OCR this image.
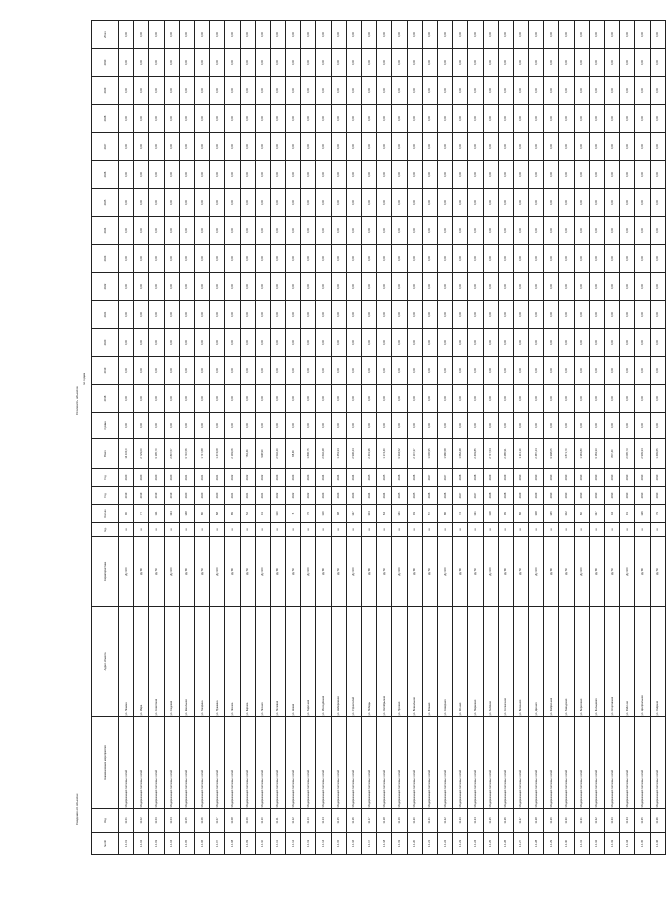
Сведения об объектах
Стоимость объектов
по годам
№ п/п	Код	Наименование мероприятия	Адрес объекта	Характеристика	Ед.	Кол-во	Год	Год	Всего	Сумма	2018	2019	2020	2021	2022	2023	2024	2025	2026	2027	2028	2029	2030	Итого
1.1.01	11.01	Модернизация тепловых сетей	ул. Ленина	Ду 100	м	90	2019	2020	14 100,0	0,00	0,00	0,00	0,00	0,00	0,00	0,00	0,00	0,00	0,00	0,00	0,00	0,00	0,00	0,00
1.1.02	11.02	Модернизация тепловых сетей	ул. Мира	Ду 80	м	77	2019	2020	2 723,00	0,00	0,00	0,00	0,00	0,00	0,00	0,00	0,00	0,00	0,00	0,00	0,00	0,00	0,00	0,00
1.1.03	11.03	Модернизация тепловых сетей	ул. Советская	Ду 50	м	111	2019	2020	3 195,70	0,00	0,00	0,00	0,00	0,00	0,00	0,00	0,00	0,00	0,00	0,00	0,00	0,00	0,00	0,00
1.1.04	11.04	Модернизация тепловых сетей	ул. Садовая	Ду 100	м	134	2019	2020	2 847,57	0,00	0,00	0,00	0,00	0,00	0,00	0,00	0,00	0,00	0,00	0,00	0,00	0,00	0,00	0,00
1.1.05	11.05	Модернизация тепловых сетей	ул. Школьная	Ду 80	м	148	2020	2021	3 710,56	0,00	0,00	0,00	0,00	0,00	0,00	0,00	0,00	0,00	0,00	0,00	0,00	0,00	0,00	0,00
1.1.06	11.06	Модернизация тепловых сетей	ул. Гагарина	Ду 50	м	80	2020	2021	1 717,68	0,00	0,00	0,00	0,00	0,00	0,00	0,00	0,00	0,00	0,00	0,00	0,00	0,00	0,00	0,00
1.1.07	11.07	Модернизация тепловых сетей	ул. Пушкина	Ду 100	м	68	2020	2021	1 474,08	0,00	0,00	0,00	0,00	0,00	0,00	0,00	0,00	0,00	0,00	0,00	0,00	0,00	0,00	0,00
1.1.08	11.08	Модернизация тепловых сетей	ул. Чехова	Ду 80	м	89	2021	2022	2 193,06	0,00	0,00	0,00	0,00	0,00	0,00	0,00	0,00	0,00	0,00	0,00	0,00	0,00	0,00	0,00
1.1.09	11.09	Модернизация тепловых сетей	ул. Кирова	Ду 50	м	52	2021	2022	764,44	0,00	0,00	0,00	0,00	0,00	0,00	0,00	0,00	0,00	0,00	0,00	0,00	0,00	0,00	0,00
1.1.10	11.10	Модернизация тепловых сетей	ул. Лесная	Ду 100	м	41	2021	2022	938,90	0,00	0,00	0,00	0,00	0,00	0,00	0,00	0,00	0,00	0,00	0,00	0,00	0,00	0,00	0,00
1.1.11	11.11	Модернизация тепловых сетей	ул. Полевая	Ду 80	м	110	2022	2023	2 532,20	0,00	0,00	0,00	0,00	0,00	0,00	0,00	0,00	0,00	0,00	0,00	0,00	0,00	0,00	0,00
1.1.12	11.12	Модернизация тепловых сетей	ул. Новая	Ду 50	м	5	2022	2023	68,90	0,00	0,00	0,00	0,00	0,00	0,00	0,00	0,00	0,00	0,00	0,00	0,00	0,00	0,00	0,00
1.1.13	11.13	Модернизация тепловых сетей	ул. Заречная	Ду 100	м	75	2022	2023	1 806,75	0,00	0,00	0,00	0,00	0,00	0,00	0,00	0,00	0,00	0,00	0,00	0,00	0,00	0,00	0,00
1.1.14	11.14	Модернизация тепловых сетей	ул. Молодёжная	Ду 80	м	119	2023	2024	2 632,28	0,00	0,00	0,00	0,00	0,00	0,00	0,00	0,00	0,00	0,00	0,00	0,00	0,00	0,00	0,00
1.1.15	11.15	Модернизация тепловых сетей	ул. Набережная	Ду 50	м	98	2023	2024	1 453,34	0,00	0,00	0,00	0,00	0,00	0,00	0,00	0,00	0,00	0,00	0,00	0,00	0,00	0,00	0,00
1.1.16	11.16	Модернизация тепловых сетей	ул. Строителей	Ду 100	м	127	2023	2024	2 936,24	0,00	0,00	0,00	0,00	0,00	0,00	0,00	0,00	0,00	0,00	0,00	0,00	0,00	0,00	0,00
1.1.17	11.17	Модернизация тепловых сетей	ул. Победы	Ду 80	м	104	2024	2025	2 401,36	0,00	0,00	0,00	0,00	0,00	0,00	0,00	0,00	0,00	0,00	0,00	0,00	0,00	0,00	0,00
1.1.18	11.18	Модернизация тепловых сетей	ул. Октябрьская	Ду 50	м	64	2024	2025	1 174,40	0,00	0,00	0,00	0,00	0,00	0,00	0,00	0,00	0,00	0,00	0,00	0,00	0,00	0,00	0,00
1.1.19	11.19	Модернизация тепловых сетей	ул. Луговая	Ду 100	м	141	2025	2026	3 344,52	0,00	0,00	0,00	0,00	0,00	0,00	0,00	0,00	0,00	0,00	0,00	0,00	0,00	0,00	0,00
1.1.20	11.20	Модернизация тепловых сетей	ул. Вокзальная	Ду 80	м	93	2025	2026	2 147,37	0,00	0,00	0,00	0,00	0,00	0,00	0,00	0,00	0,00	0,00	0,00	0,00	0,00	0,00	0,00
1.1.21	11.21	Модернизация тепловых сетей	ул. Южная	Ду 50	м	57	2026	2027	1 045,95	0,00	0,00	0,00	0,00	0,00	0,00	0,00	0,00	0,00	0,00	0,00	0,00	0,00	0,00	0,00
1.1.22	11.22	Модернизация тепловых сетей	ул. Северная	Ду 100	м	86	2026	2027	1 980,58	0,00	0,00	0,00	0,00	0,00	0,00	0,00	0,00	0,00	0,00	0,00	0,00	0,00	0,00	0,00
1.1.23	11.23	Модернизация тепловых сетей	ул. Речная	Ду 80	м	72	2027	2028	1 662,48	0,00	0,00	0,00	0,00	0,00	0,00	0,00	0,00	0,00	0,00	0,00	0,00	0,00	0,00	0,00
1.1.24	11.24	Модернизация тепловых сетей	ул. Парковая	Ду 50	м	131	2027	2028	2 403,85	0,00	0,00	0,00	0,00	0,00	0,00	0,00	0,00	0,00	0,00	0,00	0,00	0,00	0,00	0,00
1.1.25	11.25	Модернизация тепловых сетей	ул. Зелёная	Ду 100	м	118	2028	2029	2 717,54	0,00	0,00	0,00	0,00	0,00	0,00	0,00	0,00	0,00	0,00	0,00	0,00	0,00	0,00	0,00
1.1.26	11.26	Модернизация тепловых сетей	ул. Солнечная	Ду 80	м	99	2028	2029	2 285,91	0,00	0,00	0,00	0,00	0,00	0,00	0,00	0,00	0,00	0,00	0,00	0,00	0,00	0,00	0,00
1.1.27	11.27	Модернизация тепловых сетей	ул. Весенняя	Ду 50	м	66	2029	2030	1 211,10	0,00	0,00	0,00	0,00	0,00	0,00	0,00	0,00	0,00	0,00	0,00	0,00	0,00	0,00	0,00
1.1.28	11.28	Модернизация тепловых сетей	ул. Дачная	Ду 100	м	108	2029	2030	2 487,24	0,00	0,00	0,00	0,00	0,00	0,00	0,00	0,00	0,00	0,00	0,00	0,00	0,00	0,00	0,00
1.1.29	11.29	Модернизация тепловых сетей	ул. Фабричная	Ду 80	м	145	2030	2030	3 348,05	0,00	0,00	0,00	0,00	0,00	0,00	0,00	0,00	0,00	0,00	0,00	0,00	0,00	0,00	0,00
1.1.30	11.30	Модернизация тепловых сетей	ул. Заводская	Ду 50	м	102	2030	2030	1 871,70	0,00	0,00	0,00	0,00	0,00	0,00	0,00	0,00	0,00	0,00	0,00	0,00	0,00	0,00	0,00
1.1.31	11.31	Модернизация тепловых сетей	ул. Береговая	Ду 100	м	60	2030	2030	1 381,80	0,00	0,00	0,00	0,00	0,00	0,00	0,00	0,00	0,00	0,00	0,00	0,00	0,00	0,00	0,00
1.1.32	11.32	Модернизация тепловых сетей	ул. Кольцевая	Ду 80	м	137	2030	2030	3 163,33	0,00	0,00	0,00	0,00	0,00	0,00	0,00	0,00	0,00	0,00	0,00	0,00	0,00	0,00	0,00
1.1.33	11.33	Модернизация тепловых сетей	ул. Спортивная	Ду 50	м	44	2030	2030	807,40	0,00	0,00	0,00	0,00	0,00	0,00	0,00	0,00	0,00	0,00	0,00	0,00	0,00	0,00	0,00
1.1.34	11.34	Модернизация тепловых сетей	ул. Рабочая	Ду 100	м	91	2030	2030	2 095,73	0,00	0,00	0,00	0,00	0,00	0,00	0,00	0,00	0,00	0,00	0,00	0,00	0,00	0,00	0,00
1.1.35	11.35	Модернизация тепловых сетей	ул. Центральная	Ду 80	м	126	2030	2030	2 909,34	0,00	0,00	0,00	0,00	0,00	0,00	0,00	0,00	0,00	0,00	0,00	0,00	0,00	0,00	0,00
1.1.36	11.36	Модернизация тепловых сетей	ул. Озёрная	Ду 50	м	79	2030	2030	1 449,65	0,00	0,00	0,00	0,00	0,00	0,00	0,00	0,00	0,00	0,00	0,00	0,00	0,00	0,00	0,00
